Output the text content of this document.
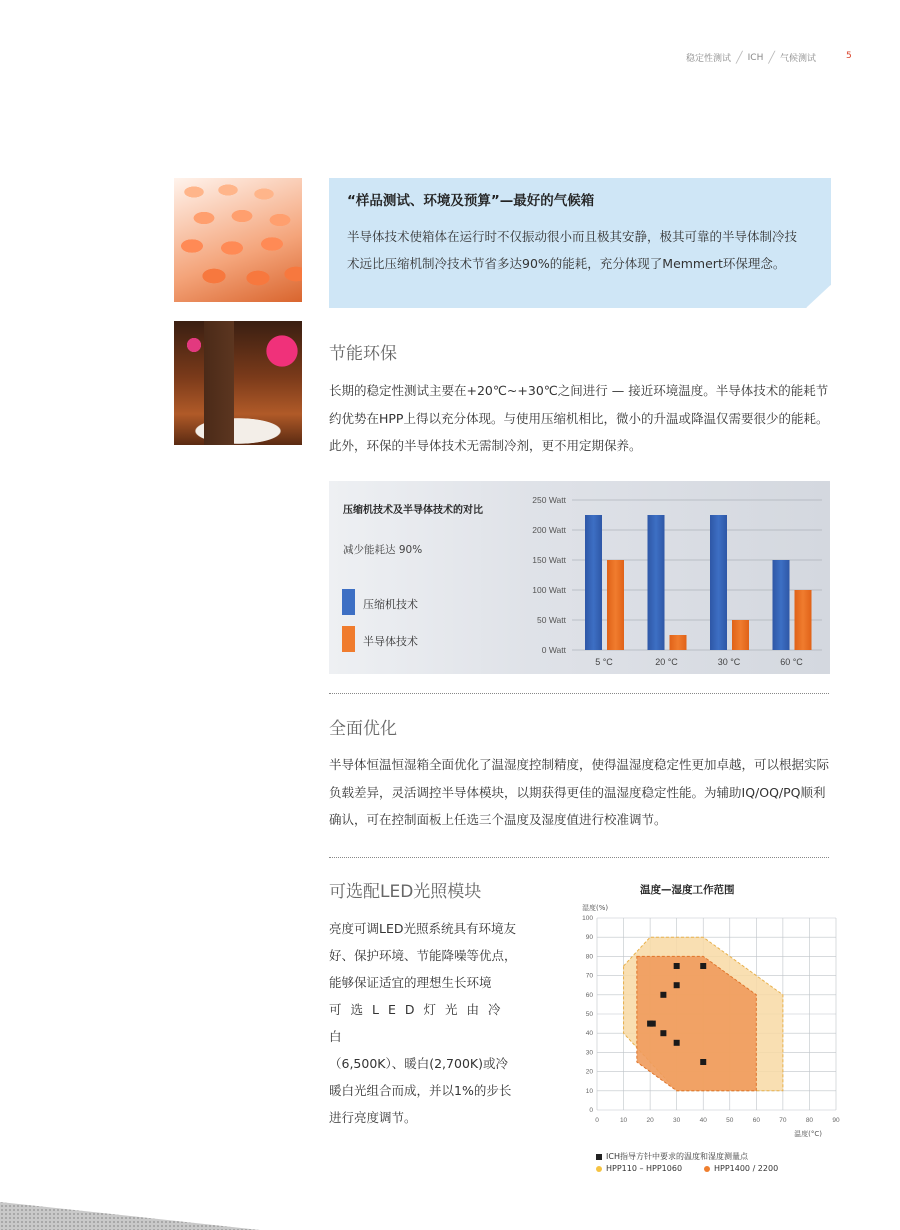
稳定性测试 ╱ ICH ╱ 气候测试	5
“样品测试、环境及预算”—最好的气候箱
半导体技术使箱体在运行时不仅振动很小而且极其安静，极其可靠的半导体制冷技术远比压缩机制冷技术节省多达90%的能耗，充分体现了Memmert环保理念。
节能环保
长期的稳定性测试主要在+20℃~+30℃之间进行 — 接近环境温度。半导体技术的能耗节约优势在HPP上得以充分体现。与使用压缩机相比，微小的升温或降温仅需要很少的能耗。此外，环保的半导体技术无需制冷剂，更不用定期保养。
压缩机技术及半导体技术的对比
减少能耗达 90%
压缩机技术
半导体技术
0 Watt
50 Watt
100 Watt
150 Watt
200 Watt
250 Watt
5 °C	20 °C	30 °C	60 °C
全面优化
半导体恒温恒湿箱全面优化了温湿度控制精度，使得温湿度稳定性更加卓越，可以根据实际负载差异，灵活调控半导体模块，以期获得更佳的温湿度稳定性能。为辅助IQ/OQ/PQ顺利确认，可在控制面板上任选三个温度及湿度值进行校准调节。
可选配LED光照模块
亮度可调LED光照系统具有环境友好、保护环境、节能降噪等优点，能够保证适宜的理想生长环境
可选LED灯光由冷白
（6,500K）、暖白(2,700K)或冷暖白光组合而成，并以1%的步长进行亮度调节。
温度—湿度工作范围
0	10	20	30	40	50	60	70	80	90
0
10
20
30
40
50
60
70
80
90
100
湿度(%)
温度(°C)
ICH指导方针中要求的温度和湿度测量点
HPP110 – HPP1060	HPP1400 / 2200
